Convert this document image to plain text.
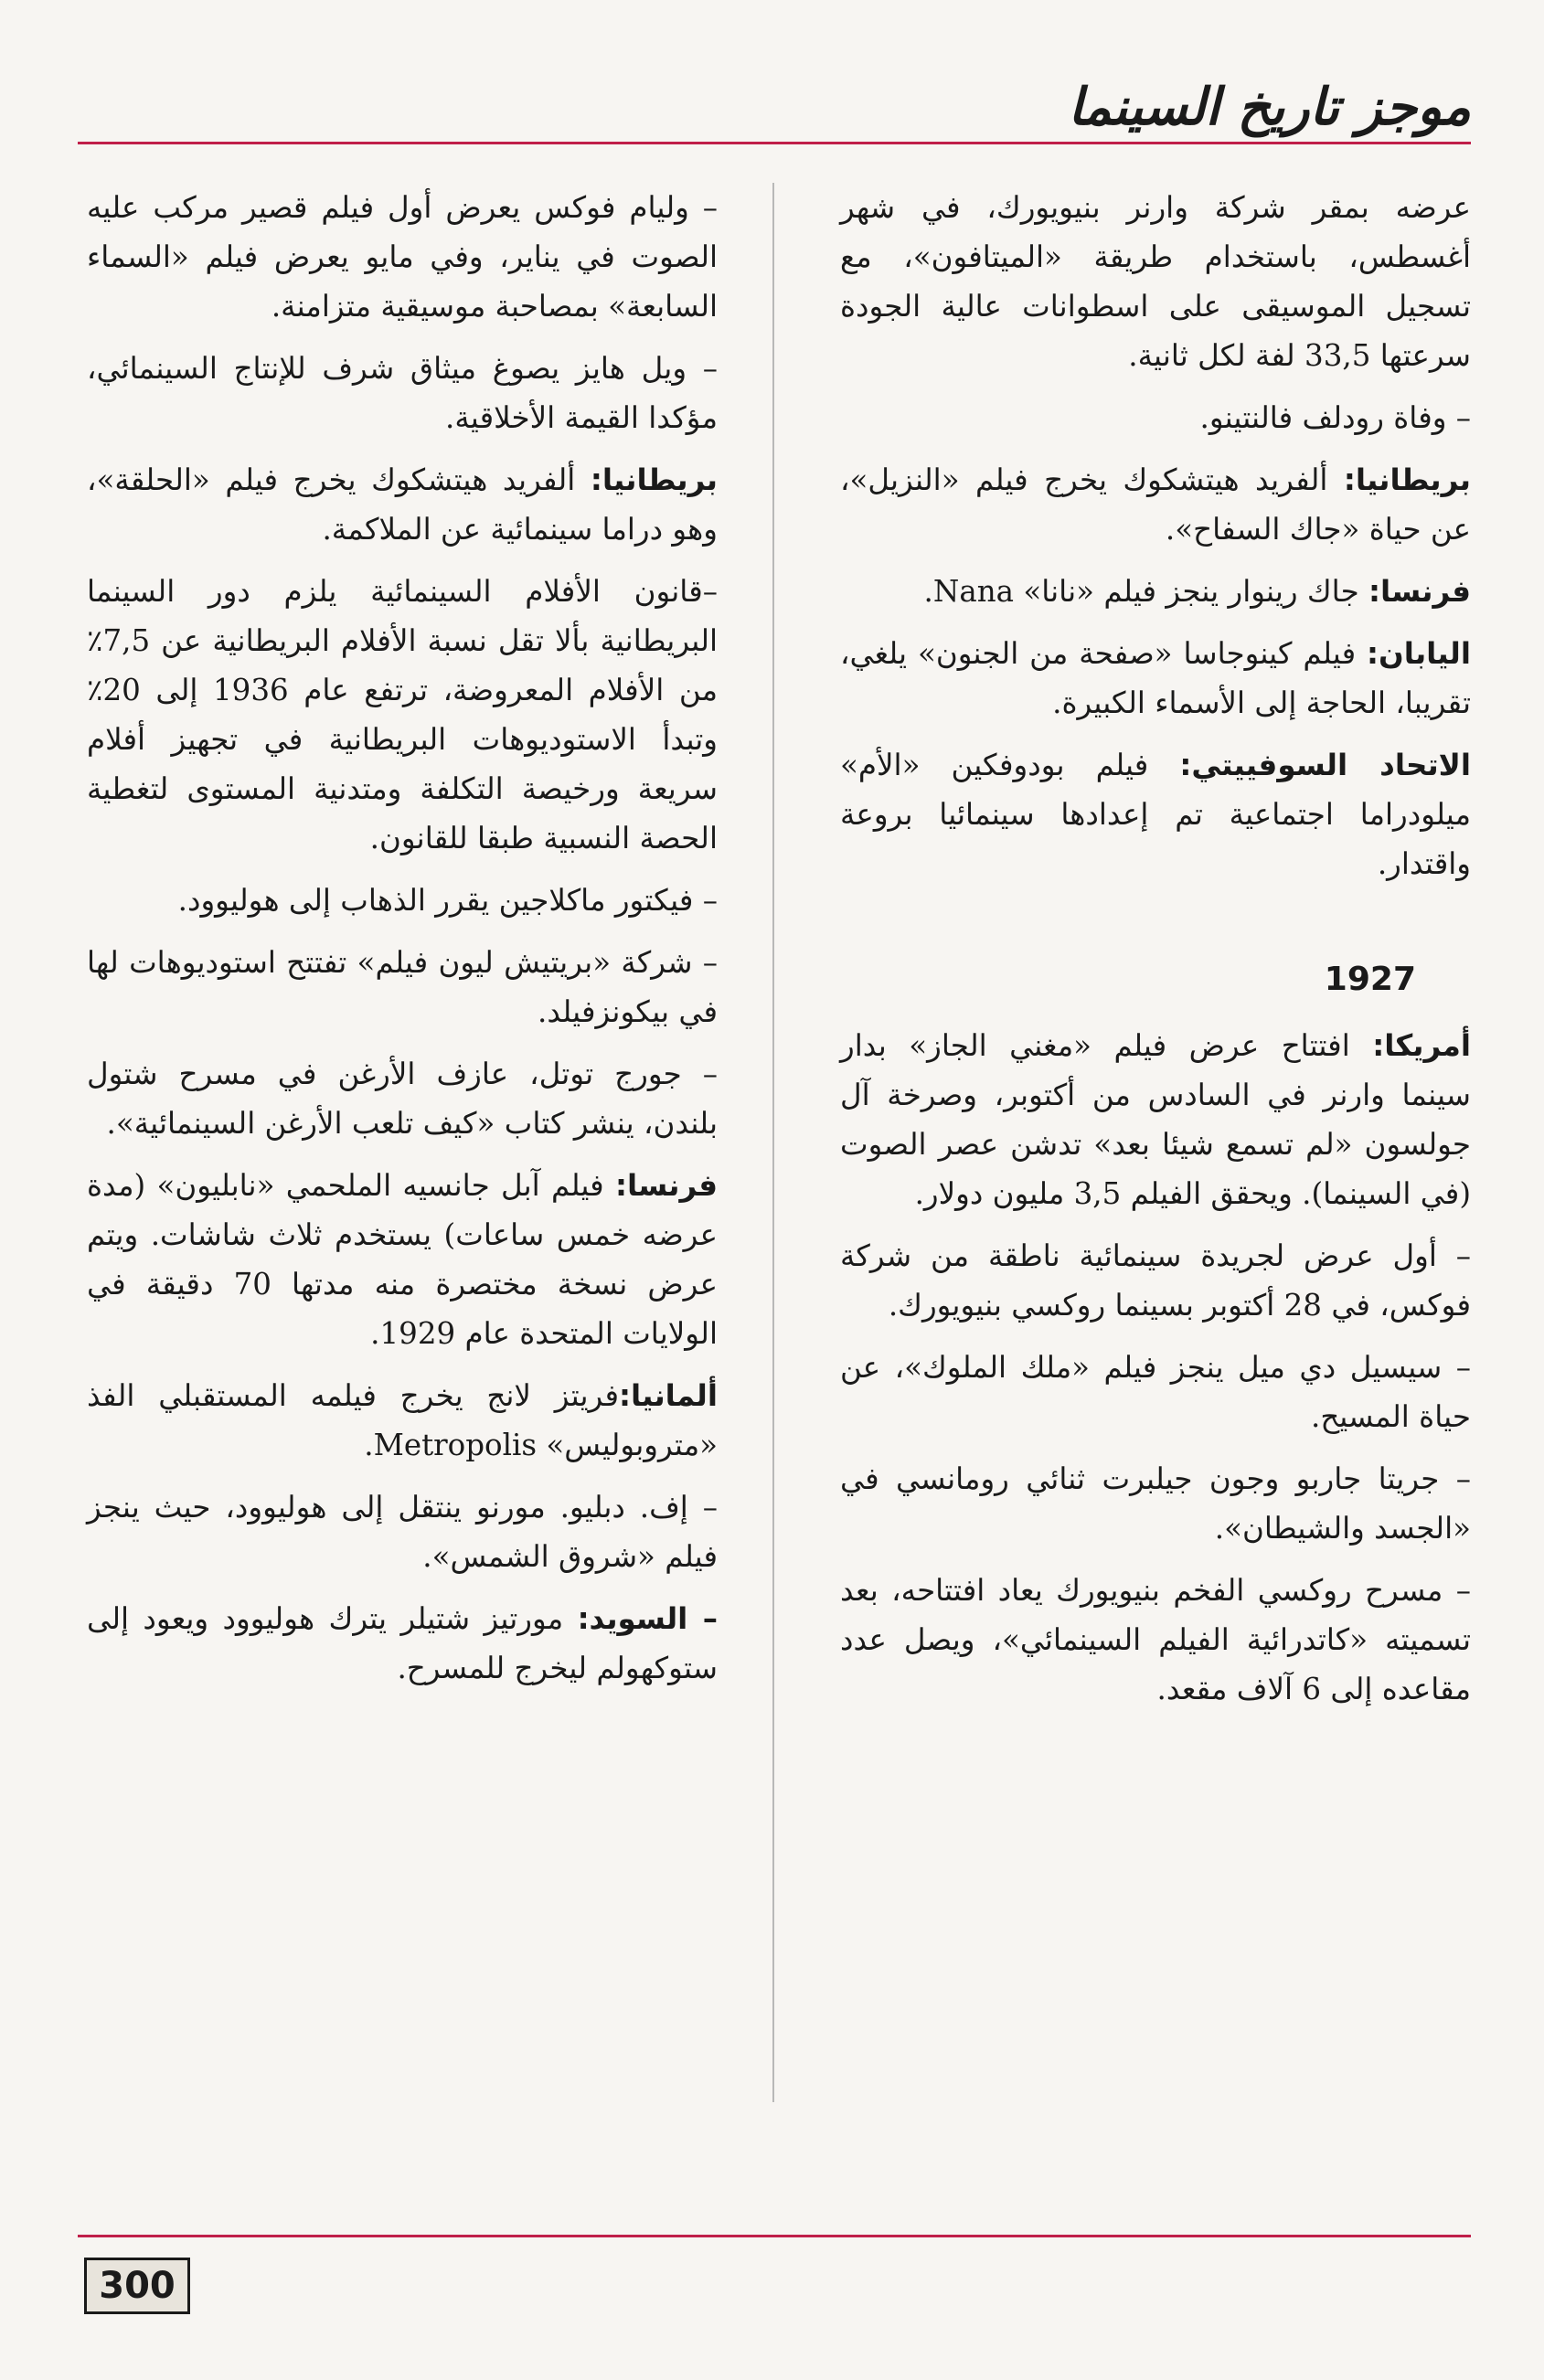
موجز تاريخ السينما

عرضه بمقر شركة وارنر بنيويورك، في شهر أغسطس، باستخدام طريقة «الميتافون»، مع تسجيل الموسيقى على اسطوانات عالية الجودة سرعتها 33,5 لفة لكل ثانية.

– وفاة رودلف فالنتينو.

بريطانيا: ألفريد هيتشكوك يخرج فيلم «النزيل»، عن حياة «جاك السفاح».

فرنسا: جاك رينوار ينجز فيلم «نانا» Nana.

اليابان: فيلم كينوجاسا «صفحة من الجنون» يلغي، تقريبا، الحاجة إلى الأسماء الكبيرة.

الاتحاد السوفييتي: فيلم بودوفكين «الأم» ميلودراما اجتماعية تم إعدادها سينمائيا بروعة واقتدار.

1927

أمريكا: افتتاح عرض فيلم «مغني الجاز» بدار سينما وارنر في السادس من أكتوبر، وصرخة آل جولسون «لم تسمع شيئا بعد» تدشن عصر الصوت (في السينما). ويحقق الفيلم 3,5 مليون دولار.

– أول عرض لجريدة سينمائية ناطقة من شركة فوكس، في 28 أكتوبر بسينما روكسي بنيويورك.

– سيسيل دي ميل ينجز فيلم «ملك الملوك»، عن حياة المسيح.

– جريتا جاربو وجون جيلبرت ثنائي رومانسي في «الجسد والشيطان».

– مسرح روكسي الفخم بنيويورك يعاد افتتاحه، بعد تسميته «كاتدرائية الفيلم السينمائي»، ويصل عدد مقاعده إلى 6 آلاف مقعد.

– وليام فوكس يعرض أول فيلم قصير مركب عليه الصوت في يناير، وفي مايو يعرض فيلم «السماء السابعة» بمصاحبة موسيقية متزامنة.

– ويل هايز يصوغ ميثاق شرف للإنتاج السينمائي، مؤكدا القيمة الأخلاقية.

بريطانيا: ألفريد هيتشكوك يخرج فيلم «الحلقة»، وهو دراما سينمائية عن الملاكمة.

–قانون الأفلام السينمائية يلزم دور السينما البريطانية بألا تقل نسبة الأفلام البريطانية عن 7,5٪ من الأفلام المعروضة، ترتفع عام 1936 إلى 20٪ وتبدأ الاستوديوهات البريطانية في تجهيز أفلام سريعة ورخيصة التكلفة ومتدنية المستوى لتغطية الحصة النسبية طبقا للقانون.

– فيكتور ماكلاجين يقرر الذهاب إلى هوليوود.

– شركة «بريتيش ليون فيلم» تفتتح استوديوهات لها في بيكونزفيلد.

– جورج توتل، عازف الأرغن في مسرح شتول بلندن، ينشر كتاب «كيف تلعب الأرغن السينمائية».

فرنسا: فيلم آبل جانسيه الملحمي «نابليون» (مدة عرضه خمس ساعات) يستخدم ثلاث شاشات. ويتم عرض نسخة مختصرة منه مدتها 70 دقيقة في الولايات المتحدة عام 1929.

ألمانيا:فريتز لانج يخرج فيلمه المستقبلي الفذ «متروبوليس» Metropolis.

– إف. دبليو. مورنو ينتقل إلى هوليوود، حيث ينجز فيلم «شروق الشمس».

– السويد: مورتيز شتيلر يترك هوليوود ويعود إلى ستوكهولم ليخرج للمسرح.

300
